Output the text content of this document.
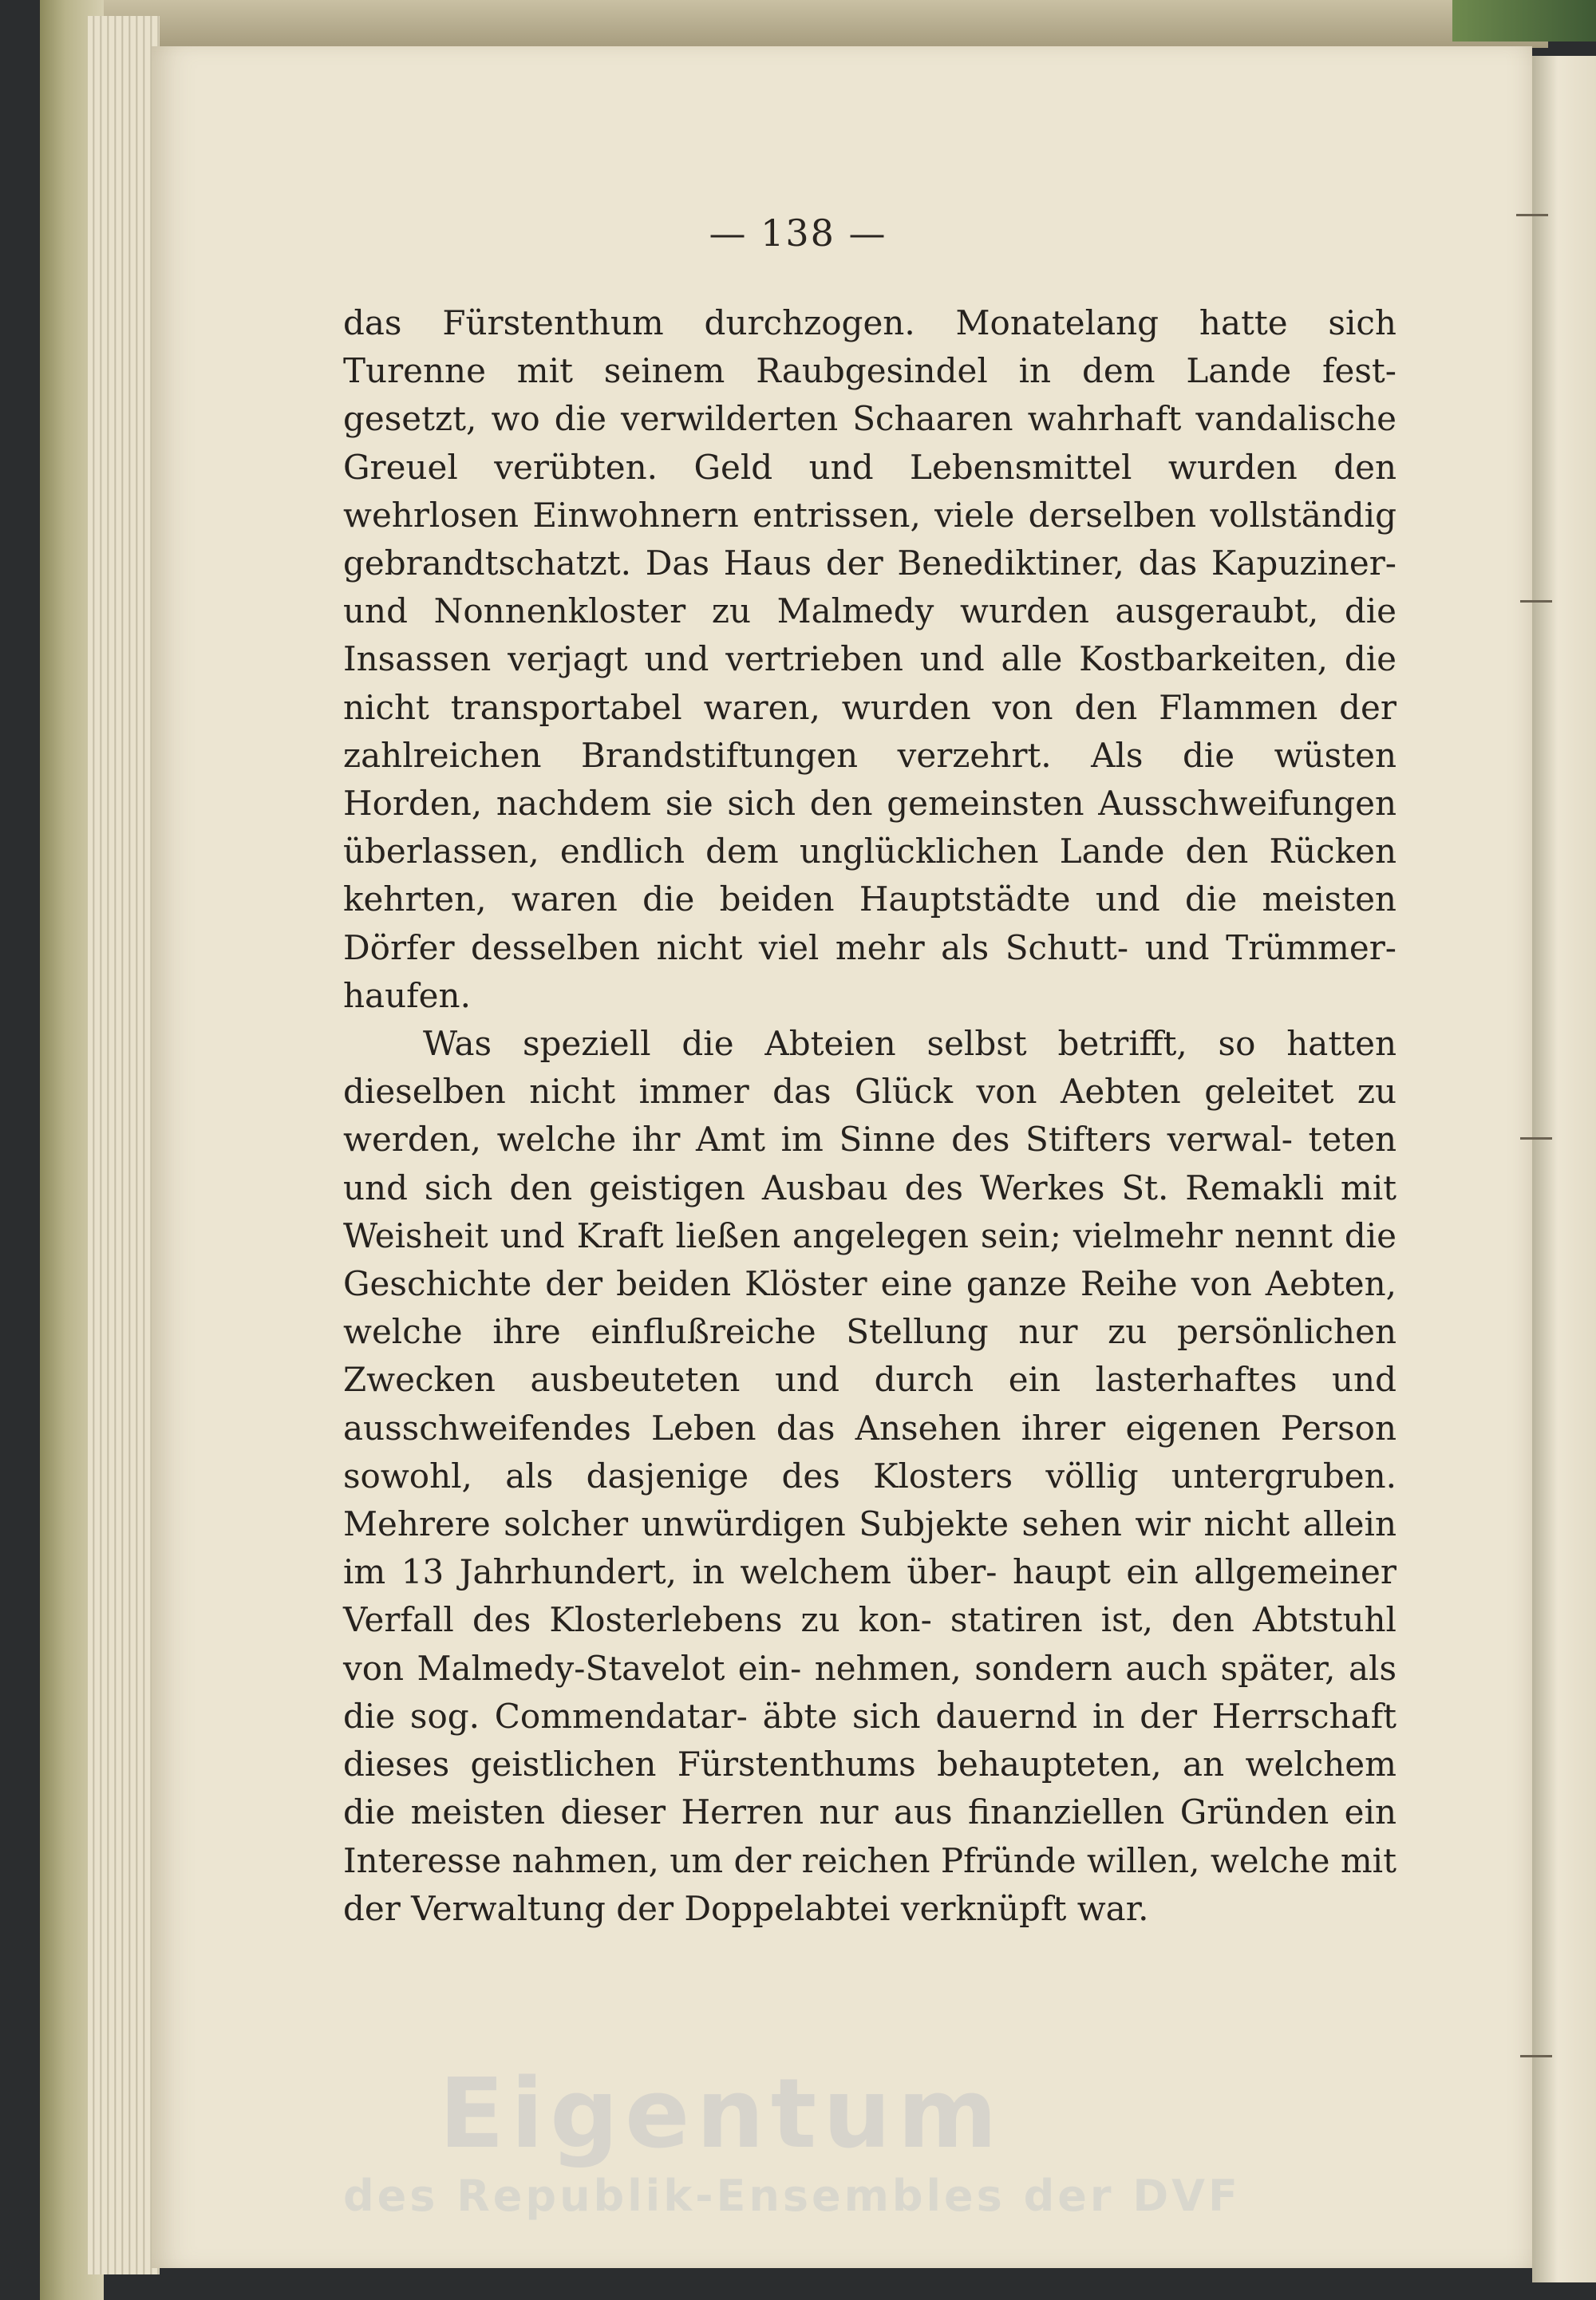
— 138 —

das Fürstenthum durchzogen. Monatelang hatte sich Turenne mit seinem Raubgesindel in dem Lande fest- gesetzt, wo die verwilderten Schaaren wahrhaft vandalische Greuel verübten. Geld und Lebensmittel wurden den wehrlosen Einwohnern entrissen, viele derselben vollständig gebrandtschatzt. Das Haus der Benediktiner, das Kapuziner- und Nonnenkloster zu Malmedy wurden ausgeraubt, die Insassen verjagt und vertrieben und alle Kostbarkeiten, die nicht transportabel waren, wurden von den Flammen der zahlreichen Brandstiftungen verzehrt. Als die wüsten Horden, nachdem sie sich den gemeinsten Ausschweifungen überlassen, endlich dem unglücklichen Lande den Rücken kehrten, waren die beiden Hauptstädte und die meisten Dörfer desselben nicht viel mehr als Schutt- und Trümmer- haufen.

Was speziell die Abteien selbst betrifft, so hatten dieselben nicht immer das Glück von Aebten geleitet zu werden, welche ihr Amt im Sinne des Stifters verwal- teten und sich den geistigen Ausbau des Werkes St. Remakli mit Weisheit und Kraft ließen angelegen sein; vielmehr nennt die Geschichte der beiden Klöster eine ganze Reihe von Aebten, welche ihre einflußreiche Stellung nur zu persönlichen Zwecken ausbeuteten und durch ein lasterhaftes und ausschweifendes Leben das Ansehen ihrer eigenen Person sowohl, als dasjenige des Klosters völlig untergruben. Mehrere solcher unwürdigen Subjekte sehen wir nicht allein im 13 Jahrhundert, in welchem über- haupt ein allgemeiner Verfall des Klosterlebens zu kon- statiren ist, den Abtstuhl von Malmedy-Stavelot ein- nehmen, sondern auch später, als die sog. Commendatar- äbte sich dauernd in der Herrschaft dieses geistlichen Fürstenthums behaupteten, an welchem die meisten dieser Herren nur aus finanziellen Gründen ein Interesse nahmen, um der reichen Pfründe willen, welche mit der Verwaltung der Doppelabtei verknüpft war.

Eigentum
des Republik-Ensembles der DVF
